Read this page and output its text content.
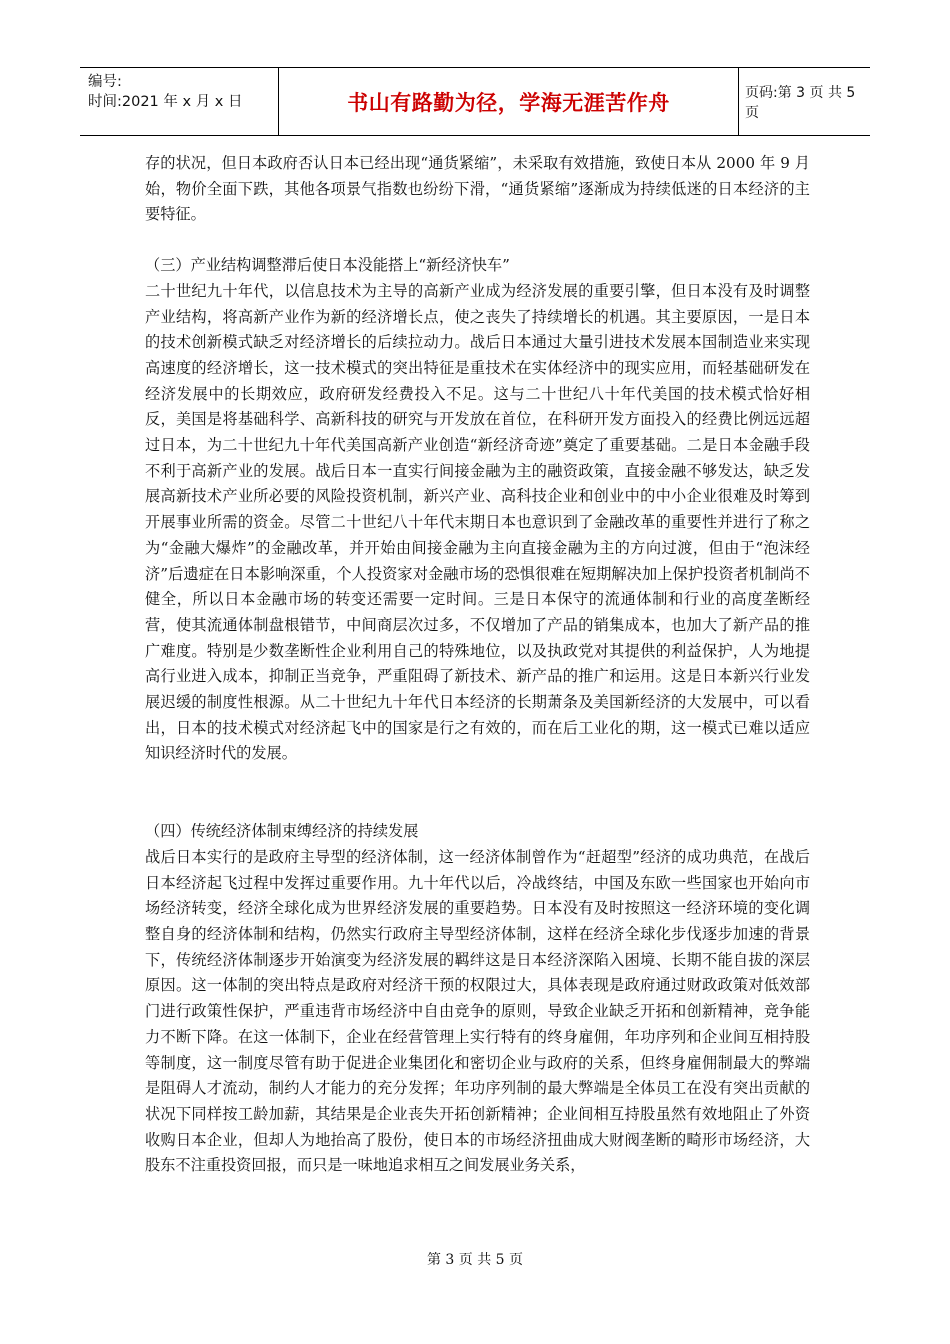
编号:
时间:2021 年 x 月 x 日	书山有路勤为径，学海无涯苦作舟	页码:第 3 页 共 5 页

存的状况，但日本政府否认日本已经出现“通货紧缩”，未采取有效措施，致使日本从 2000 年 9 月始，物价全面下跌，其他各项景气指数也纷纷下滑，“通货紧缩”逐渐成为持续低迷的日本经济的主要特征。

（三）产业结构调整滞后使日本没能搭上“新经济快车”

二十世纪九十年代，以信息技术为主导的高新产业成为经济发展的重要引擎，但日本没有及时调整产业结构，将高新产业作为新的经济增长点，使之丧失了持续增长的机遇。其主要原因，一是日本的技术创新模式缺乏对经济增长的后续拉动力。战后日本通过大量引进技术发展本国制造业来实现高速度的经济增长，这一技术模式的突出特征是重技术在实体经济中的现实应用，而轻基础研发在经济发展中的长期效应，政府研发经费投入不足。这与二十世纪八十年代美国的技术模式恰好相反，美国是将基础科学、高新科技的研究与开发放在首位，在科研开发方面投入的经费比例远远超过日本，为二十世纪九十年代美国高新产业创造“新经济奇迹”奠定了重要基础。二是日本金融手段不利于高新产业的发展。战后日本一直实行间接金融为主的融资政策，直接金融不够发达，缺乏发展高新技术产业所必要的风险投资机制，新兴产业、高科技企业和创业中的中小企业很难及时筹到开展事业所需的资金。尽管二十世纪八十年代末期日本也意识到了金融改革的重要性并进行了称之为“金融大爆炸”的金融改革，并开始由间接金融为主向直接金融为主的方向过渡，但由于“泡沫经济”后遗症在日本影响深重，个人投资家对金融市场的恐惧很难在短期解决加上保护投资者机制尚不健全，所以日本金融市场的转变还需要一定时间。三是日本保守的流通体制和行业的高度垄断经营，使其流通体制盘根错节，中间商层次过多，不仅增加了产品的销集成本，也加大了新产品的推广难度。特别是少数垄断性企业利用自己的特殊地位，以及执政党对其提供的利益保护，人为地提高行业进入成本，抑制正当竞争，严重阻碍了新技术、新产品的推广和运用。这是日本新兴行业发展迟缓的制度性根源。从二十世纪九十年代日本经济的长期萧条及美国新经济的大发展中，可以看出，日本的技术模式对经济起飞中的国家是行之有效的，而在后工业化的期，这一模式已难以适应知识经济时代的发展。

（四）传统经济体制束缚经济的持续发展

战后日本实行的是政府主导型的经济体制，这一经济体制曾作为“赶超型”经济的成功典范，在战后日本经济起飞过程中发挥过重要作用。九十年代以后，冷战终结，中国及东欧一些国家也开始向市场经济转变，经济全球化成为世界经济发展的重要趋势。日本没有及时按照这一经济环境的变化调整自身的经济体制和结构，仍然实行政府主导型经济体制，这样在经济全球化步伐逐步加速的背景下，传统经济体制逐步开始演变为经济发展的羁绊这是日本经济深陷入困境、长期不能自拔的深层原因。这一体制的突出特点是政府对经济干预的权限过大，具体表现是政府通过财政政策对低效部门进行政策性保护，严重违背市场经济中自由竞争的原则，导致企业缺乏开拓和创新精神，竞争能力不断下降。在这一体制下，企业在经营管理上实行特有的终身雇佣，年功序列和企业间互相持股等制度，这一制度尽管有助于促进企业集团化和密切企业与政府的关系，但终身雇佣制最大的弊端是阻碍人才流动，制约人才能力的充分发挥；年功序列制的最大弊端是全体员工在没有突出贡献的状况下同样按工龄加薪，其结果是企业丧失开拓创新精神；企业间相互持股虽然有效地阻止了外资收购日本企业，但却人为地抬高了股份，使日本的市场经济扭曲成大财阀垄断的畸形市场经济，大股东不注重投资回报，而只是一味地追求相互之间发展业务关系，

第 3 页 共 5 页
